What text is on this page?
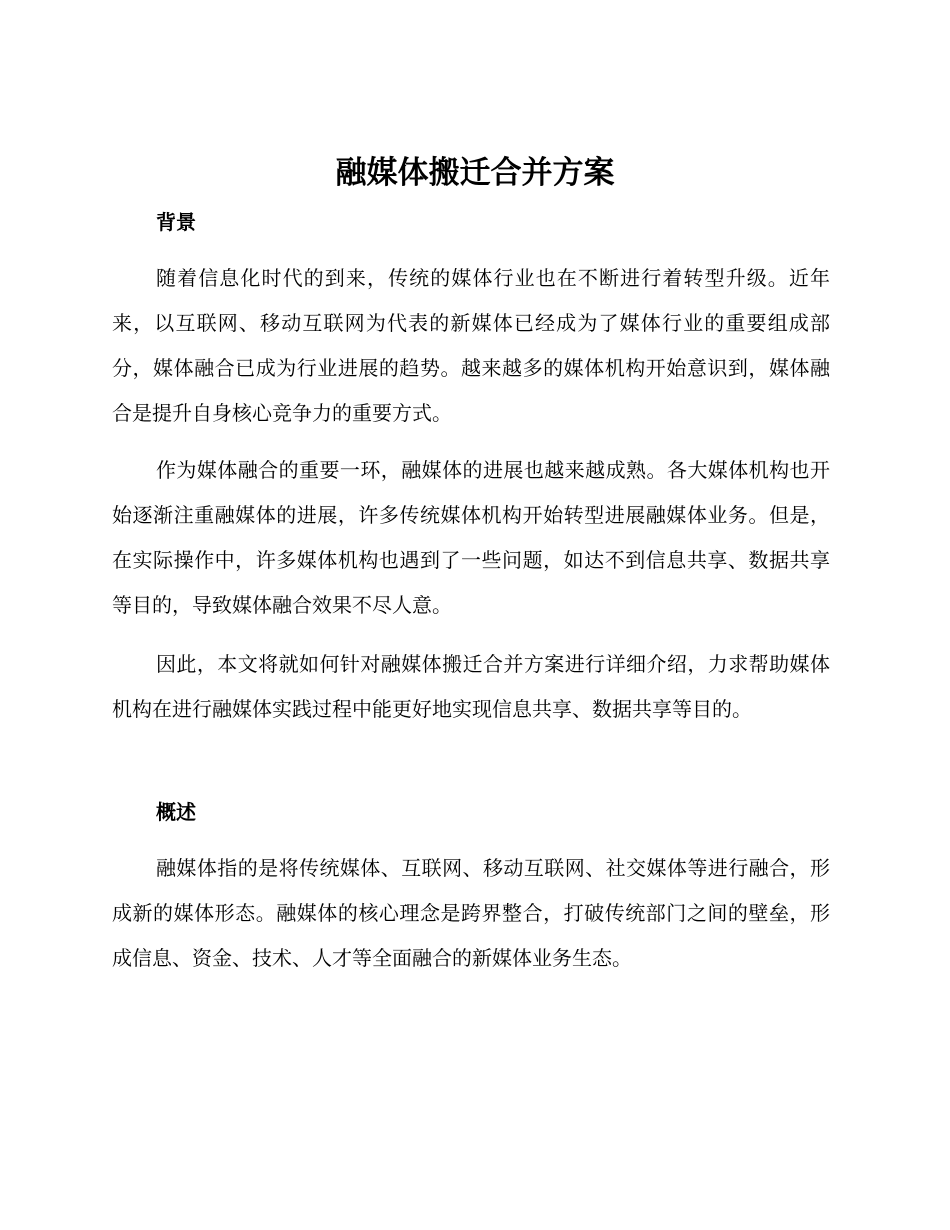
融媒体搬迁合并方案
背景

随着信息化时代的到来，传统的媒体行业也在不断进行着转型升级。近年来，以互联网、移动互联网为代表的新媒体已经成为了媒体行业的重要组成部分，媒体融合已成为行业进展的趋势。越来越多的媒体机构开始意识到，媒体融合是提升自身核心竞争力的重要方式。

作为媒体融合的重要一环，融媒体的进展也越来越成熟。各大媒体机构也开始逐渐注重融媒体的进展，许多传统媒体机构开始转型进展融媒体业务。但是，在实际操作中，许多媒体机构也遇到了一些问题，如达不到信息共享、数据共享等目的，导致媒体融合效果不尽人意。

因此，本文将就如何针对融媒体搬迁合并方案进行详细介绍，力求帮助媒体机构在进行融媒体实践过程中能更好地实现信息共享、数据共享等目的。

概述

融媒体指的是将传统媒体、互联网、移动互联网、社交媒体等进行融合，形成新的媒体形态。融媒体的核心理念是跨界整合，打破传统部门之间的壁垒，形成信息、资金、技术、人才等全面融合的新媒体业务生态。
